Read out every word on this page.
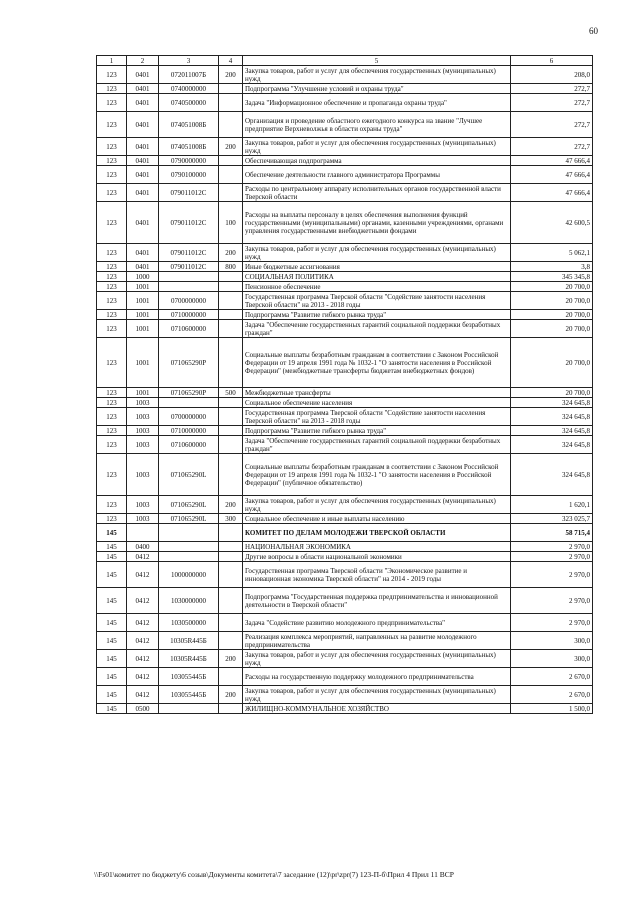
60
1	2	3	4	5	6
123	0401	072011007Б	200	Закупка товаров, работ и услуг для обеспечения государственных (муниципальных) нужд	208,0
123	0401	0740000000		Подпрограмма "Улучшение условий и охраны труда"	272,7
123	0401	0740500000		Задача "Информационное обеспечение и пропаганда охраны труда"	272,7
123	0401	074051008Б		Организация и проведение областного ежегодного конкурса на звание "Лучшее предприятие Верхневолжья в области охраны труда"	272,7
123	0401	074051008Б	200	Закупка товаров, работ и услуг для обеспечения государственных (муниципальных) нужд	272,7
123	0401	0790000000		Обеспечивающая подпрограмма	47 666,4
123	0401	0790100000		Обеспечение деятельности главного администратора Программы	47 666,4
123	0401	079011012С		Расходы по центральному аппарату исполнительных органов государственной власти Тверской области	47 666,4
123	0401	079011012С	100	Расходы на выплаты персоналу в целях обеспечения выполнения функций государственными (муниципальными) органами, казенными учреждениями, органами управления государственными внебюджетными фондами	42 600,5
123	0401	079011012С	200	Закупка товаров, работ и услуг для обеспечения государственных (муниципальных) нужд	5 062,1
123	0401	079011012С	800	Иные бюджетные ассигнования	3,8
123	1000			СОЦИАЛЬНАЯ ПОЛИТИКА	345 345,8
123	1001			Пенсионное обеспечение	20 700,0
123	1001	0700000000		Государственная программа Тверской области "Содействие занятости населения Тверской области" на 2013 - 2018 годы	20 700,0
123	1001	0710000000		Подпрограмма "Развитие гибкого рынка труда"	20 700,0
123	1001	0710600000		Задача "Обеспечение государственных гарантий социальной поддержки безработных граждан"	20 700,0
123	1001	071065290Р		Социальные выплаты безработным гражданам в соответствии с Законом Российской Федерации от 19 апреля 1991 года № 1032-1 "О занятости населения в Российской Федерации" (межбюджетные трансферты бюджетам внебюджетных фондов)	20 700,0
123	1001	071065290Р	500	Межбюджетные трансферты	20 700,0
123	1003			Социальное обеспечение населения	324 645,8
123	1003	0700000000		Государственная программа Тверской области "Содействие занятости населения Тверской области" на 2013 - 2018 годы	324 645,8
123	1003	0710000000		Подпрограмма "Развитие гибкого рынка труда"	324 645,8
123	1003	0710600000		Задача "Обеспечение государственных гарантий социальной поддержки безработных граждан"	324 645,8
123	1003	071065290L		Социальные выплаты безработным гражданам в соответствии с Законом Российской Федерации от 19 апреля 1991 года № 1032-1 "О занятости населения в Российской Федерации" (публичное обязательство)	324 645,8
123	1003	071065290L	200	Закупка товаров, работ и услуг для обеспечения государственных (муниципальных) нужд	1 620,1
123	1003	071065290L	300	Социальное обеспечение и иные выплаты населению	323 025,7
145				КОМИТЕТ ПО ДЕЛАМ МОЛОДЕЖИ ТВЕРСКОЙ ОБЛАСТИ	58 715,4
145	0400			НАЦИОНАЛЬНАЯ ЭКОНОМИКА	2 970,0
145	0412			Другие вопросы в области национальной экономики	2 970,0
145	0412	1000000000		Государственная программа Тверской области "Экономическое развитие и инновационная экономика Тверской области" на 2014 - 2019 годы	2 970,0
145	0412	1030000000		Подпрограмма "Государственная поддержка предпринимательства и инновационной деятельности в Тверской области"	2 970,0
145	0412	1030500000		Задача "Содействие развитию молодежного предпринимательства"	2 970,0
145	0412	10305R445Б		Реализация комплекса мероприятий, направленных на развитие молодежного предпринимательства	300,0
145	0412	10305R445Б	200	Закупка товаров, работ и услуг для обеспечения государственных (муниципальных) нужд	300,0
145	0412	103055445Б		Расходы на государственную поддержку молодежного предпринимательства	2 670,0
145	0412	103055445Б	200	Закупка товаров, работ и услуг для обеспечения государственных (муниципальных) нужд	2 670,0
145	0500			ЖИЛИЩНО-КОММУНАЛЬНОЕ ХОЗЯЙСТВО	1 500,0
\\Fs01\комитет по бюджету\6 созыв\Документы комитета\7 заседание (12)\pr\zpr(7) 123-П-б\Прил 4 Прил 11 ВСР
